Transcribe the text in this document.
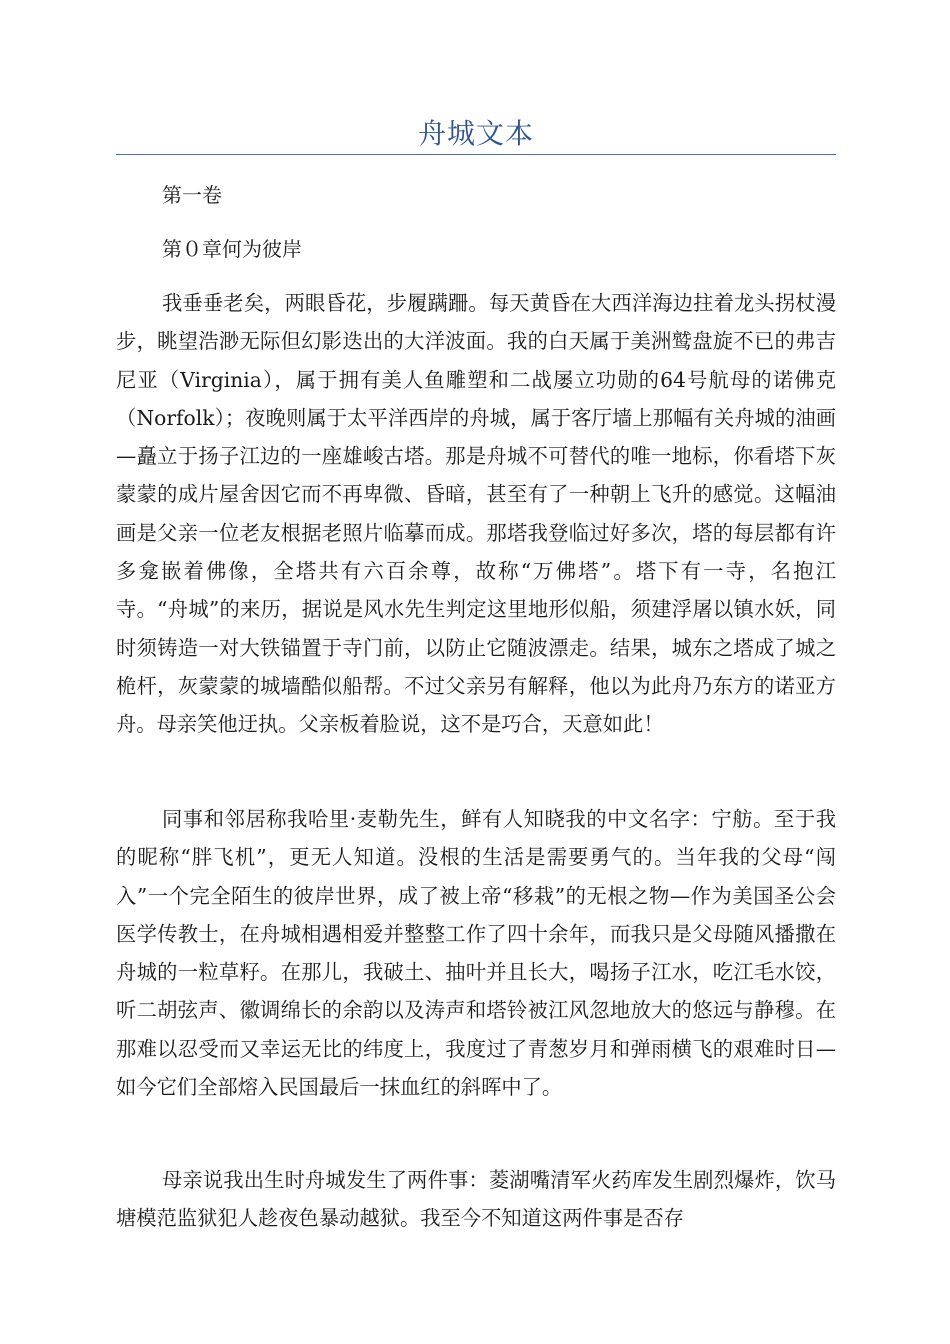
舟城文本
第一卷
第０章何为彼岸

我垂垂老矣，两眼昏花，步履蹒跚。每天黄昏在大西洋海边拄着龙头拐杖漫步，眺望浩渺无际但幻影迭出的大洋波面。我的白天属于美洲鹫盘旋不已的弗吉尼亚（Virginia），属于拥有美人鱼雕塑和二战屡立功勋的64号航母的诺佛克（Norfolk）；夜晚则属于太平洋西岸的舟城，属于客厅墙上那幅有关舟城的油画—矗立于扬子江边的一座雄峻古塔。那是舟城不可替代的唯一地标，你看塔下灰蒙蒙的成片屋舍因它而不再卑微、昏暗，甚至有了一种朝上飞升的感觉。这幅油画是父亲一位老友根据老照片临摹而成。那塔我登临过好多次，塔的每层都有许多龛嵌着佛像，全塔共有六百余尊，故称“万佛塔”。塔下有一寺，名抱江寺。“舟城”的来历，据说是风水先生判定这里地形似船，须建浮屠以镇水妖，同时须铸造一对大铁锚置于寺门前，以防止它随波漂走。结果，城东之塔成了城之桅杆，灰蒙蒙的城墙酷似船帮。不过父亲另有解释，他以为此舟乃东方的诺亚方舟。母亲笑他迂执。父亲板着脸说，这不是巧合，天意如此！

同事和邻居称我哈里·麦勒先生，鲜有人知晓我的中文名字：宁舫。至于我的昵称“胖飞机”，更无人知道。没根的生活是需要勇气的。当年我的父母“闯入”一个完全陌生的彼岸世界，成了被上帝“移栽”的无根之物—作为美国圣公会医学传教士，在舟城相遇相爱并整整工作了四十余年，而我只是父母随风播撒在舟城的一粒草籽。在那儿，我破土、抽叶并且长大，喝扬子江水，吃江毛水饺，听二胡弦声、徽调绵长的余韵以及涛声和塔铃被江风忽地放大的悠远与静穆。在那难以忍受而又幸运无比的纬度上，我度过了青葱岁月和弹雨横飞的艰难时日—如今它们全部熔入民国最后一抹血红的斜晖中了。

母亲说我出生时舟城发生了两件事：菱湖嘴清军火药库发生剧烈爆炸，饮马塘模范监狱犯人趁夜色暴动越狱。我至今不知道这两件事是否存
